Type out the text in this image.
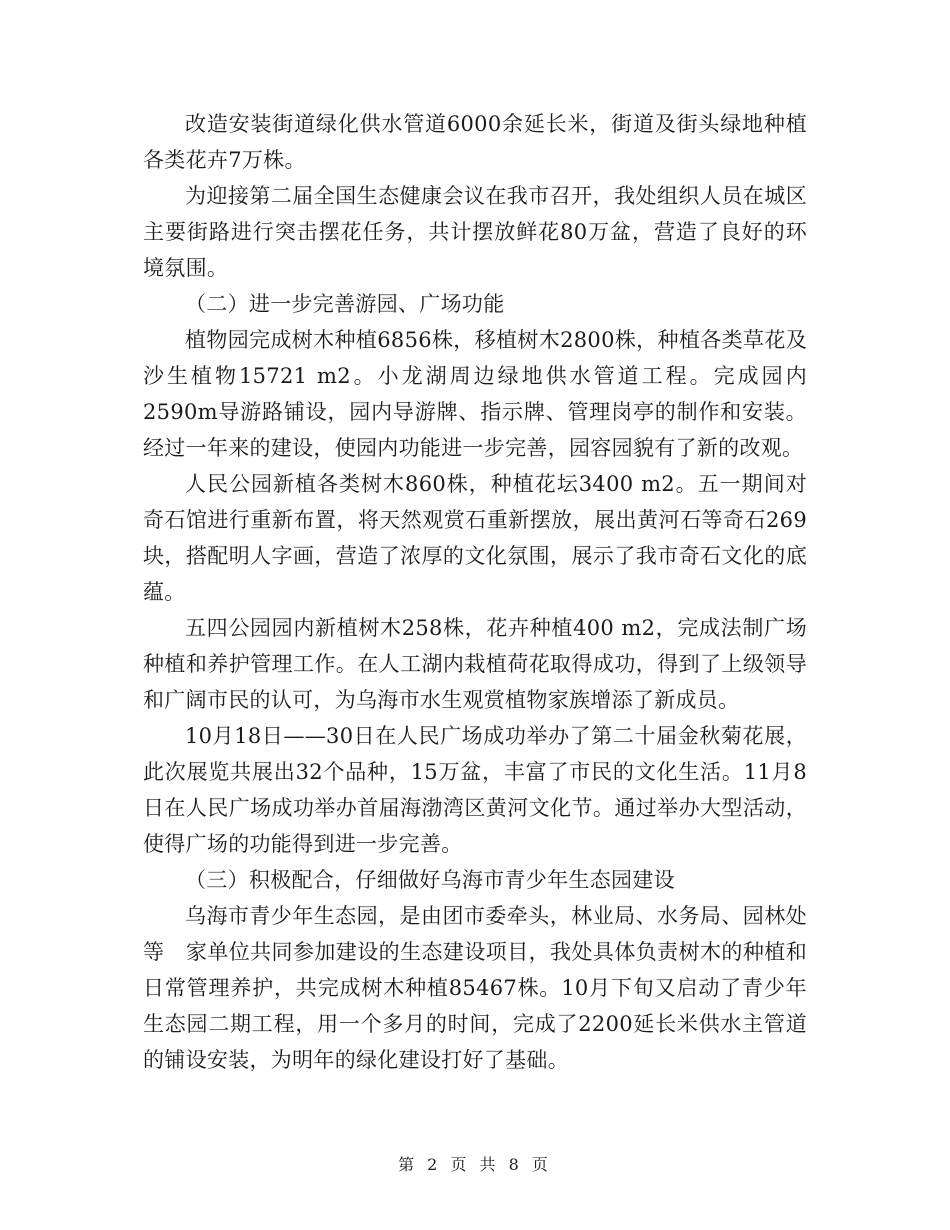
改造安装街道绿化供水管道6000余延长米，街道及街头绿地种植各类花卉7万株。

为迎接第二届全国生态健康会议在我市召开，我处组织人员在城区主要街路进行突击摆花任务，共计摆放鲜花80万盆，营造了良好的环境氛围。

（二）进一步完善游园、广场功能

植物园完成树木种植6856株，移植树木2800株，种植各类草花及沙生植物15721 m2。小龙湖周边绿地供水管道工程。完成园内2590m导游路铺设，园内导游牌、指示牌、管理岗亭的制作和安装。经过一年来的建设，使园内功能进一步完善，园容园貌有了新的改观。

人民公园新植各类树木860株，种植花坛3400 m2。五一期间对奇石馆进行重新布置，将天然观赏石重新摆放，展出黄河石等奇石269块，搭配明人字画，营造了浓厚的文化氛围，展示了我市奇石文化的底蕴。

五四公园园内新植树木258株，花卉种植400 m2，完成法制广场种植和养护管理工作。在人工湖内栽植荷花取得成功，得到了上级领导和广阔市民的认可，为乌海市水生观赏植物家族增添了新成员。

10月18日——30日在人民广场成功举办了第二十届金秋菊花展，此次展览共展出32个品种，15万盆，丰富了市民的文化生活。11月8日在人民广场成功举办首届海渤湾区黄河文化节。通过举办大型活动，使得广场的功能得到进一步完善。

（三）积极配合，仔细做好乌海市青少年生态园建设

乌海市青少年生态园，是由团市委牵头，林业局、水务局、园林处等　家单位共同参加建设的生态建设项目，我处具体负责树木的种植和日常管理养护，共完成树木种植85467株。10月下旬又启动了青少年生态园二期工程，用一个多月的时间，完成了2200延长米供水主管道的铺设安装，为明年的绿化建设打好了基础。

第 2 页 共 8 页
